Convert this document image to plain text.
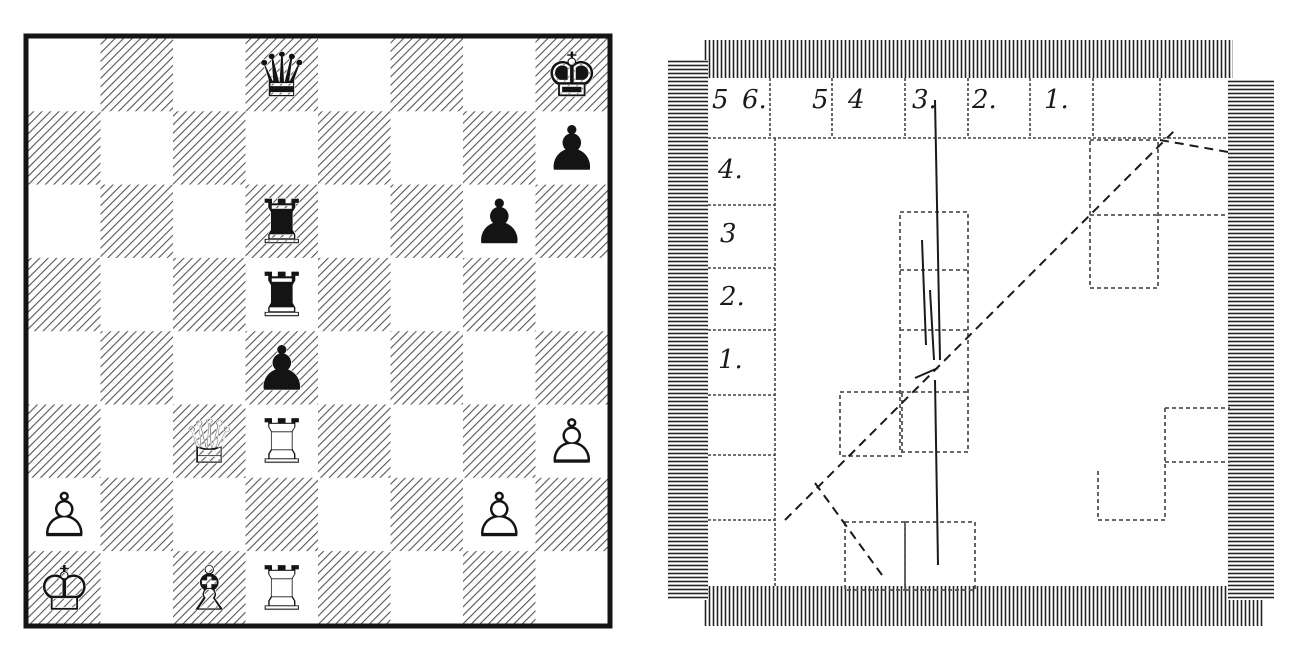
♛	♚
♟
♜	♟
♜
♟
♕ ♖	♙
♙	♙
♔ ♗ ♖
5 6. 5 4 3. 2. 1.
4.
3
2.
1.
